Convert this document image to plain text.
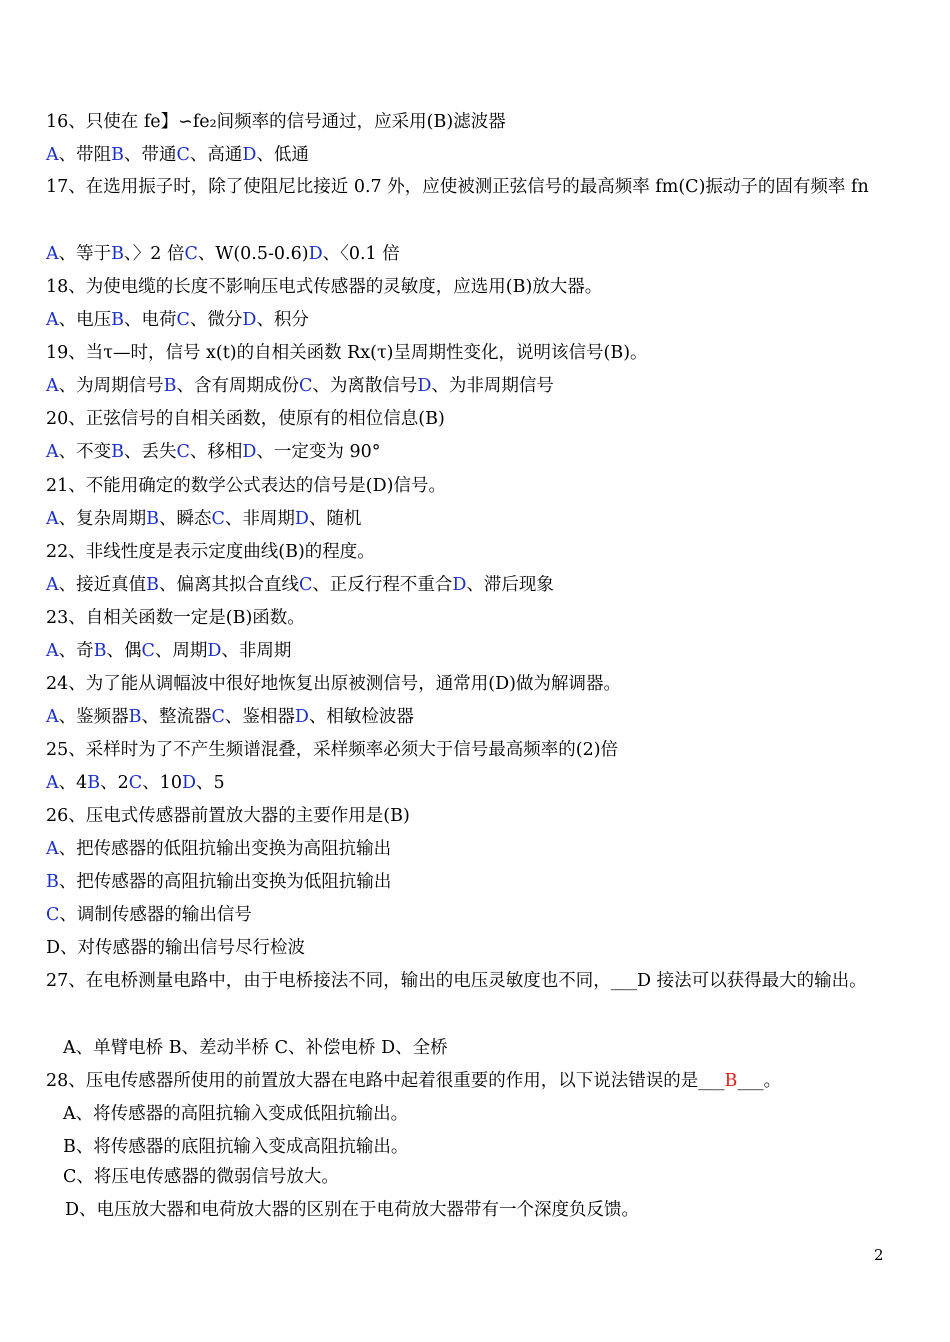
16、只使在 fe】∽fe₂间频率的信号通过，应采用(B)滤波器
A、带阻B、带通C、高通D、低通
17、在选用振子时，除了使阻尼比接近 0.7 外，应使被测正弦信号的最高频率 fm(C)振动子的固有频率 fn
A、等于B、〉2 倍C、W(0.5-0.6)D、〈0.1 倍
18、为使电缆的长度不影响压电式传感器的灵敏度，应选用(B)放大器。
A、电压B、电荷C、微分D、积分
19、当τ—时，信号 x(t)的自相关函数 Rx(τ)呈周期性变化，说明该信号(B)。
A、为周期信号B、含有周期成份C、为离散信号D、为非周期信号
20、正弦信号的自相关函数，使原有的相位信息(B)
A、不变B、丢失C、移相D、一定变为 90°
21、不能用确定的数学公式表达的信号是(D)信号。
A、复杂周期B、瞬态C、非周期D、随机
22、非线性度是表示定度曲线(B)的程度。
A、接近真值B、偏离其拟合直线C、正反行程不重合D、滞后现象
23、自相关函数一定是(B)函数。
A、奇B、偶C、周期D、非周期
24、为了能从调幅波中很好地恢复出原被测信号，通常用(D)做为解调器。
A、鉴频器B、整流器C、鉴相器D、相敏检波器
25、采样时为了不产生频谱混叠，采样频率必须大于信号最高频率的(2)倍
A、4B、2C、10D、5
26、压电式传感器前置放大器的主要作用是(B)
A、把传感器的低阻抗输出变换为高阻抗输出
B、把传感器的高阻抗输出变换为低阻抗输出
C、调制传感器的输出信号
D、对传感器的输出信号尽行检波
27、在电桥测量电路中，由于电桥接法不同，输出的电压灵敏度也不同，___D 接法可以获得最大的输出。
A、单臂电桥 B、差动半桥 C、补偿电桥 D、全桥
28、压电传感器所使用的前置放大器在电路中起着很重要的作用，以下说法错误的是___B___。
A、将传感器的高阻抗输入变成低阻抗输出。
B、将传感器的底阻抗输入变成高阻抗输出。
C、将压电传感器的微弱信号放大。
D、电压放大器和电荷放大器的区别在于电荷放大器带有一个深度负反馈。
2
